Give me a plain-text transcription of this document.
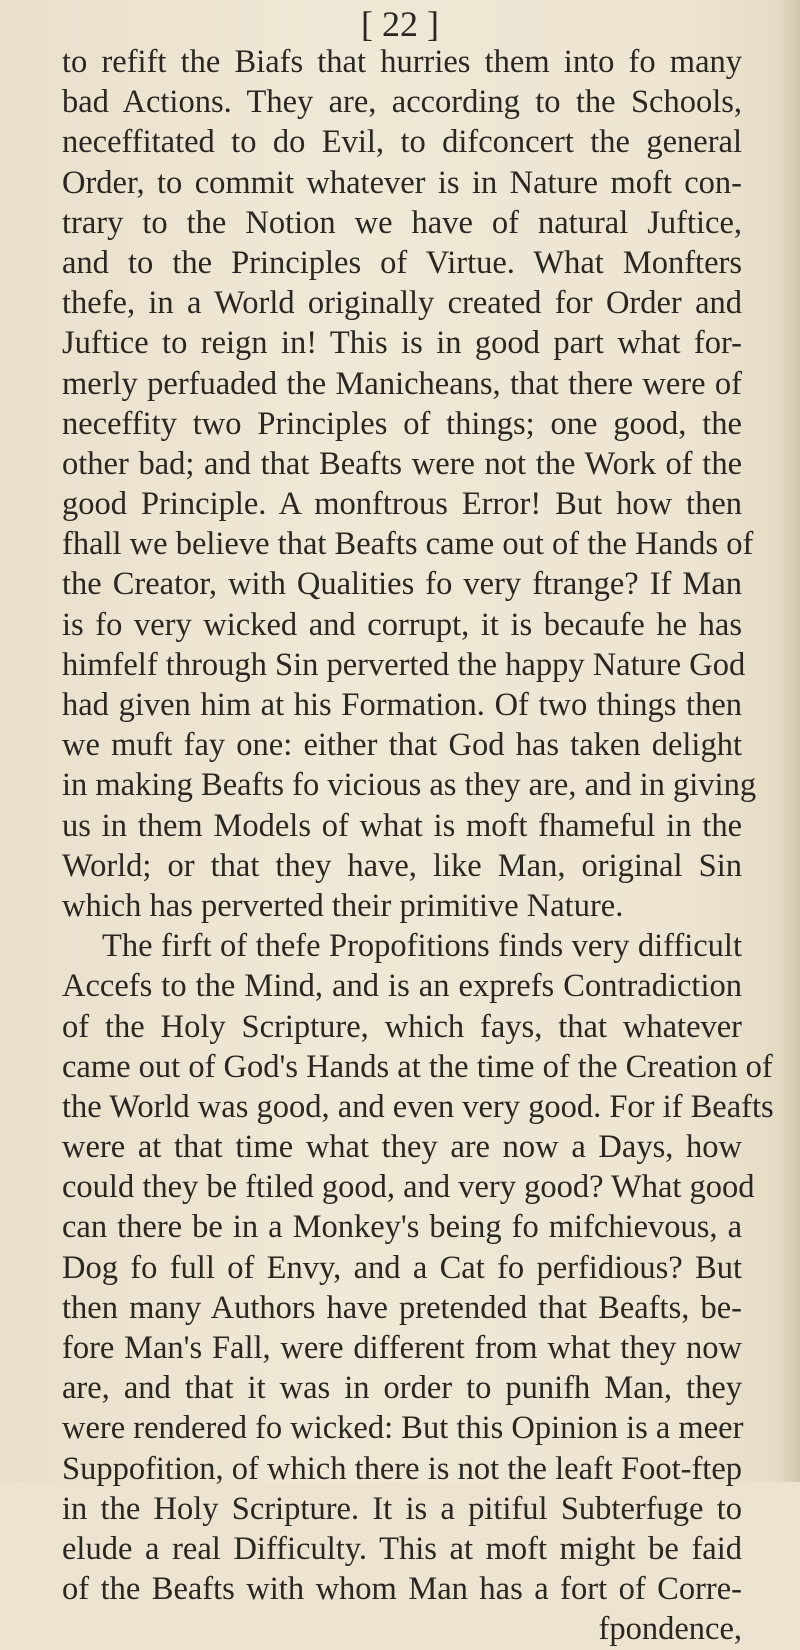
[ 22 ]
to refift the Biafs that hurries them into fo many
bad Actions. They are, according to the Schools,
neceffitated to do Evil, to difconcert the general
Order, to commit whatever is in Nature moft con-
trary to the Notion we have of natural Juftice,
and to the Principles of Virtue. What Monfters
thefe, in a World originally created for Order and
Juftice to reign in! This is in good part what for-
merly perfuaded the Manicheans, that there were of
neceffity two Principles of things; one good, the
other bad; and that Beafts were not the Work of the
good Principle. A monftrous Error! But how then
fhall we believe that Beafts came out of the Hands of
the Creator, with Qualities fo very ftrange? If Man
is fo very wicked and corrupt, it is becaufe he has
himfelf through Sin perverted the happy Nature God
had given him at his Formation. Of two things then
we muft fay one: either that God has taken delight
in making Beafts fo vicious as they are, and in giving
us in them Models of what is moft fhameful in the
World; or that they have, like Man, original Sin
which has perverted their primitive Nature.
The firft of thefe Propofitions finds very difficult
Accefs to the Mind, and is an exprefs Contradiction
of the Holy Scripture, which fays, that whatever
came out of God's Hands at the time of the Creation of
the World was good, and even very good. For if Beafts
were at that time what they are now a Days, how
could they be ftiled good, and very good? What good
can there be in a Monkey's being fo mifchievous, a
Dog fo full of Envy, and a Cat fo perfidious? But
then many Authors have pretended that Beafts, be-
fore Man's Fall, were different from what they now
are, and that it was in order to punifh Man, they
were rendered fo wicked: But this Opinion is a meer
Suppofition, of which there is not the leaft Foot-ftep
in the Holy Scripture. It is a pitiful Subterfuge to
elude a real Difficulty. This at moft might be faid
of the Beafts with whom Man has a fort of Corre-
fpondence,
